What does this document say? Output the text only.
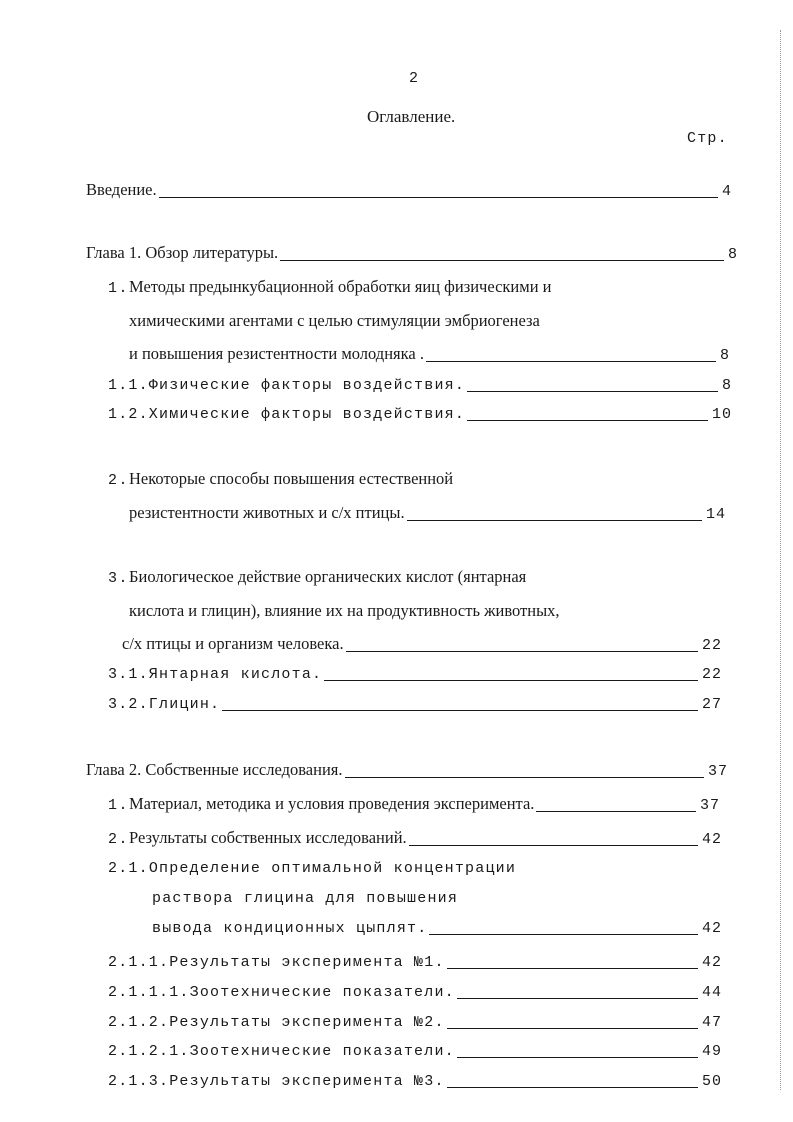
2
Оглавление.
Стр.
Введение.	4
Глава 1. Обзор литературы.	8
1.Методы предынкубационной обработки яиц физическими и
химическими агентами с целью стимуляции эмбриогенеза
и повышения резистентности молодняка .	8
1.1.Физические факторы воздействия.	8
1.2.Химические факторы воздействия.	10
2.Некоторые способы повышения естественной
резистентности животных и с/х птицы.	14
3.Биологическое действие органических кислот (янтарная
кислота и глицин), влияние их на продуктивность животных,
с/х птицы и организм человека.	22
3.1.Янтарная кислота.	22
3.2.Глицин.	27
Глава 2. Собственные исследования.	37
1. Материал, методика и условия проведения эксперимента.	37
2. Результаты собственных исследований.	42
2.1.Определение оптимальной концентрации
раствора глицина для повышения
вывода кондиционных цыплят.	42
2.1.1.Результаты эксперимента №1.	42
2.1.1.1.Зоотехнические показатели.	44
2.1.2.Результаты эксперимента №2.	47
2.1.2.1.Зоотехнические показатели.	49
2.1.3.Результаты эксперимента №3.	50
